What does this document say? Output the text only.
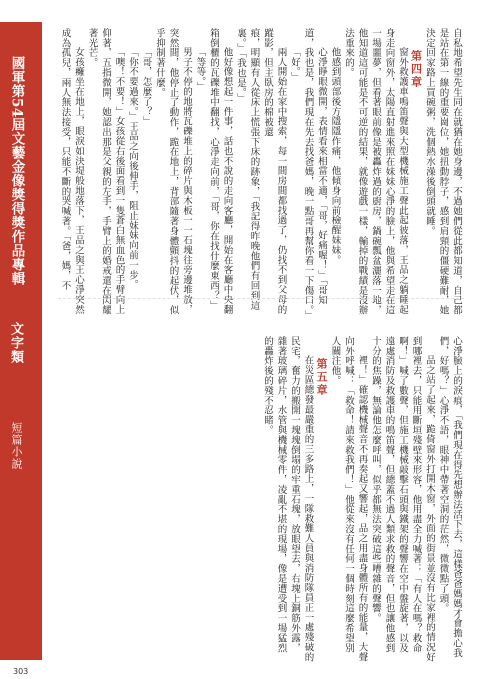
國軍第54屆文藝金像獎得獎作品專輯
文字類
短篇小說
303

自私地希望先生同在就猶在她身邊，不過她們從此都知道，自己都是站在第一線的重要崗位，她扭動脖子，感到肩頸的僵硬難耐，她決定回家路上買碗粥，洗個熱水澡後倒頭就睡。

第四章

窗外救護車鳴笛聲與大型機械施工聲此起彼落，王品之躺睡起身走向窗外，太陽直射進來照在妹妹心淨的臉上，他與希望走在這一場噩夢，但看著眼前像是被轟炸過的廚房，鍋碗瓢盆灑落一地，他知道這可能是不可逆的結果，就像遊戲一樣，輸掉的戰績是沒辦法重來的。

他感到頭部後方隱隱作痛，他傾身向前檢醒妹妹。

心淨睜眼微開，表情看來相當不適，「哥，好痛喔！」「哥知道，我也是，我們現在先去找爸媽，晚一點哥再幫你看一下傷口。」

「好。」

兩人開始在家中搜索，每一間房間都找過了，仍找不到父母的蹤影，但主臥房的棉被還

痕，明顯有人從床上慌張下床的跡象，「我記得昨晚他們有回到這裏。」「我也是。」

他好像想起一件事，話也不說的走向客廳，開始在客廳中央翻箱倒櫃的瓦礫堆中翻找，心淨走向前，「哥，你在找什麼東西？」

「等等。」

男子不停的地將瓦礫堆上的碎片與木板一一石塊往旁邊堆放，突然間，他停止了動作，跪在地上，背部隨著身體顫抖的起伏，似乎抑制著什麼。

「哥，怎麼了？」

「你不要過來。」王品之向後伸手，阻止妹妹向前一步。

「噢！不要！」女孩從右後面看到一隻蒼白無血色的手臂向上仰著，五指微開，她認出那是父親的左手，手臂上的婚戒還在閃耀著光芒。

女孩癱坐在地上，眼淚如決堤般地落下，王品之與王心淨突然成為孤兒，兩人無法接受，只能不斷的哭喊著。「爸，媽，不

心淨臉上的淚痕，「我們現在得先想辦法活下去，這樣爸爸媽媽才會擔心我們，好嗎？」心淨不語，眼神中帶著空洞的茫然，微微點了頭。

品之站了起來，跪倚窗外打開木窗，外面的街景並沒有比家裡的情況好到哪裡去，只能用斷垣殘壁來形容，他用盡全力喊著：「有人在嗎？救命啊！」喊了數聲，但施工機械敲擊石頭與鐵架的聲響在空中盤旋著，以及遠處消防及救護車的鳴笛聲，但總蓋不過人類求救的聲音，但也讓他感到十分的焦躁，無論他怎麼呼叫，似乎都無法突破這些嘈雜的聲響。

裡！」確認機械聲音不再奏起又響起，品之用盡身體所有的能量，大聲向外呼喊：「救命！請來救我們！」他從來沒有任何一個時刻這麼希望別人關注他。

第五章

在災區總發最嚴重的三多路上，一隊救難人員與消防隊員正一處殘破的民宅，奮力的搬開一塊塊倒塌的牢重石塊，放眼望去，右塊上銅筋外露，雜著玻璃碎片，水管與機械零件，凌亂不堪的現場，像是遭受到一場猛烈的轟炸後的殘不忍睹。
